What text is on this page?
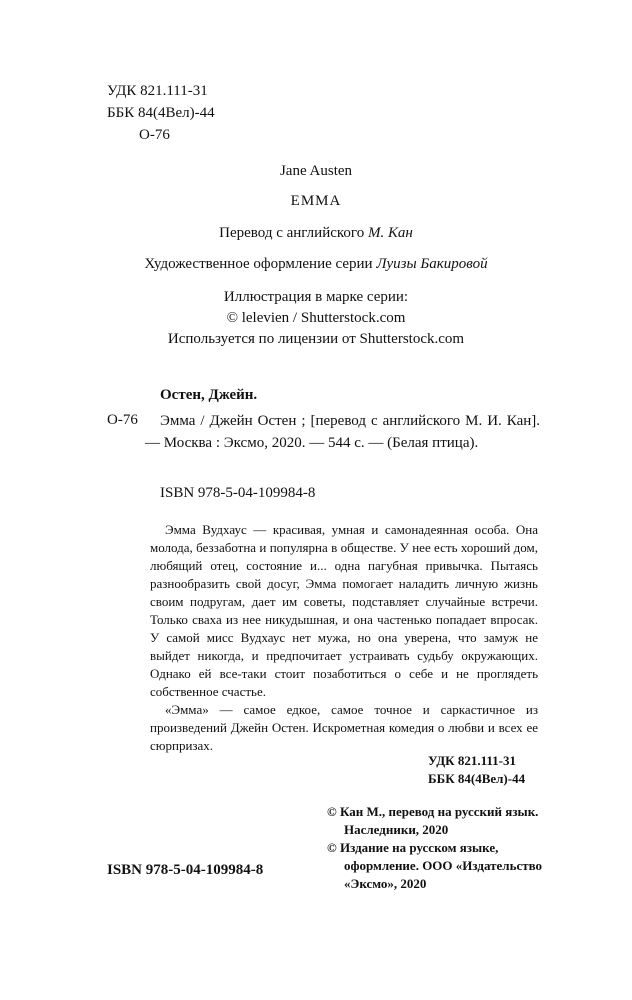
УДК 821.111-31
ББК 84(4Вел)-44
О-76
Jane Austen
ЕММА
Перевод с английского М. Кан
Художественное оформление серии Луизы Бакировой
Иллюстрация в марке серии:
© lelevien / Shutterstock.com
Используется по лицензии от Shutterstock.com
Остен, Джейн.
О-76	Эмма / Джейн Остен ; [перевод с английского М. И. Кан]. — Москва : Эксмо, 2020. — 544 с. — (Белая птица).

ISBN 978-5-04-109984-8

Эмма Вудхаус — красивая, умная и самонадеянная особа. Она молода, беззаботна и популярна в обществе. У нее есть хороший дом, любящий отец, состояние и... одна пагубная привычка. Пытаясь разнообразить свой досуг, Эмма помогает наладить личную жизнь своим подругам, дает им советы, подставляет случайные встречи. Только сваха из нее никудышная, и она частенько попадает впросак. У самой мисс Вудхаус нет мужа, но она уверена, что замуж не выйдет никогда, и предпочитает устраивать судьбу окружающих. Однако ей все-таки стоит позаботиться о себе и не проглядеть собственное счастье.

«Эмма» — самое едкое, самое точное и саркастичное из произведений Джейн Остен. Искрометная комедия о любви и всех ее сюрпризах.

УДК 821.111-31
ББК 84(4Вел)-44
© Кан М., перевод на русский язык. Наследники, 2020
© Издание на русском языке, оформление. ООО «Издательство «Эксмо», 2020
ISBN 978-5-04-109984-8
